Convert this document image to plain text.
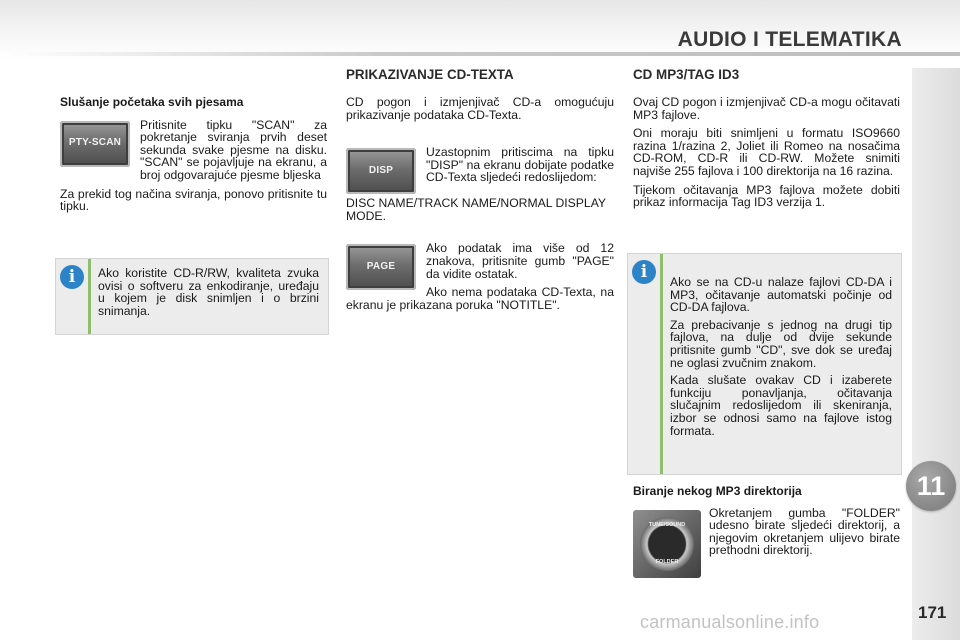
AUDIO I TELEMATIKA
11
171
Slušanje početaka svih pjesama
PTY-SCAN

Pritisnite tipku "SCAN" za pokretanje sviranja prvih deset sekunda svake pjesme na disku. "SCAN" se pojavljuje na ekranu, a broj odgovarajuće pjesme bljeska

Za prekid tog načina sviranja, ponovo pritisnite tu tipku.

i	Ako koristite CD-R/RW, kvaliteta zvuka ovisi o softveru za enkodiranje, uređaju u kojem je disk snimljen i o brzini snimanja.

PRIKAZIVANJE CD-TEXTA

CD pogon i izmjenjivač CD-a omogućuju prikazivanje podataka CD-Texta.

DISP

Uzastopnim pritiscima na tipku "DISP" na ekranu dobijate podatke CD-Texta sljedeći redoslijedom:

DISC NAME/TRACK NAME/NORMAL DISPLAY MODE.

PAGE

Ako podatak ima više od 12 znakova, pritisnite gumb "PAGE" da vidite ostatak.

Ako nema podataka CD-Texta, na ekranu je prikazana poruka "NOTITLE".

CD MP3/TAG ID3

Ovaj CD pogon i izmjenjivač CD-a mogu očitavati MP3 fajlove.

Oni moraju biti snimljeni u formatu ISO9660 razina 1/razina 2, Joliet ili Romeo na nosačima CD-ROM, CD-R ili CD-RW. Možete snimiti najviše 255 fajlova i 100 direktorija na 16 razina.

Tijekom očitavanja MP3 fajlova možete dobiti prikaz informacija Tag ID3 verzija 1.

i

Ako se na CD-u nalaze fajlovi CD-DA i MP3, očitavanje automatski počinje od CD-DA fajlova.

Za prebacivanje s jednog na drugi tip fajlova, na dulje od dvije sekunde pritisnite gumb "CD", sve dok se uređaj ne oglasi zvučnim znakom.

Kada slušate ovakav CD i izaberete funkciju ponavljanja, očitavanja slučajnim redoslijedom ili skeniranja, izbor se odnosi samo na fajlove istog formata.

Biranje nekog MP3 direktorija
TUNE/SOUND
FOLDER

Okretanjem gumba "FOLDER" udesno birate sljedeći direktorij, a njegovim okretanjem ulijevo birate prethodni direktorij.

carmanualsonline.info
